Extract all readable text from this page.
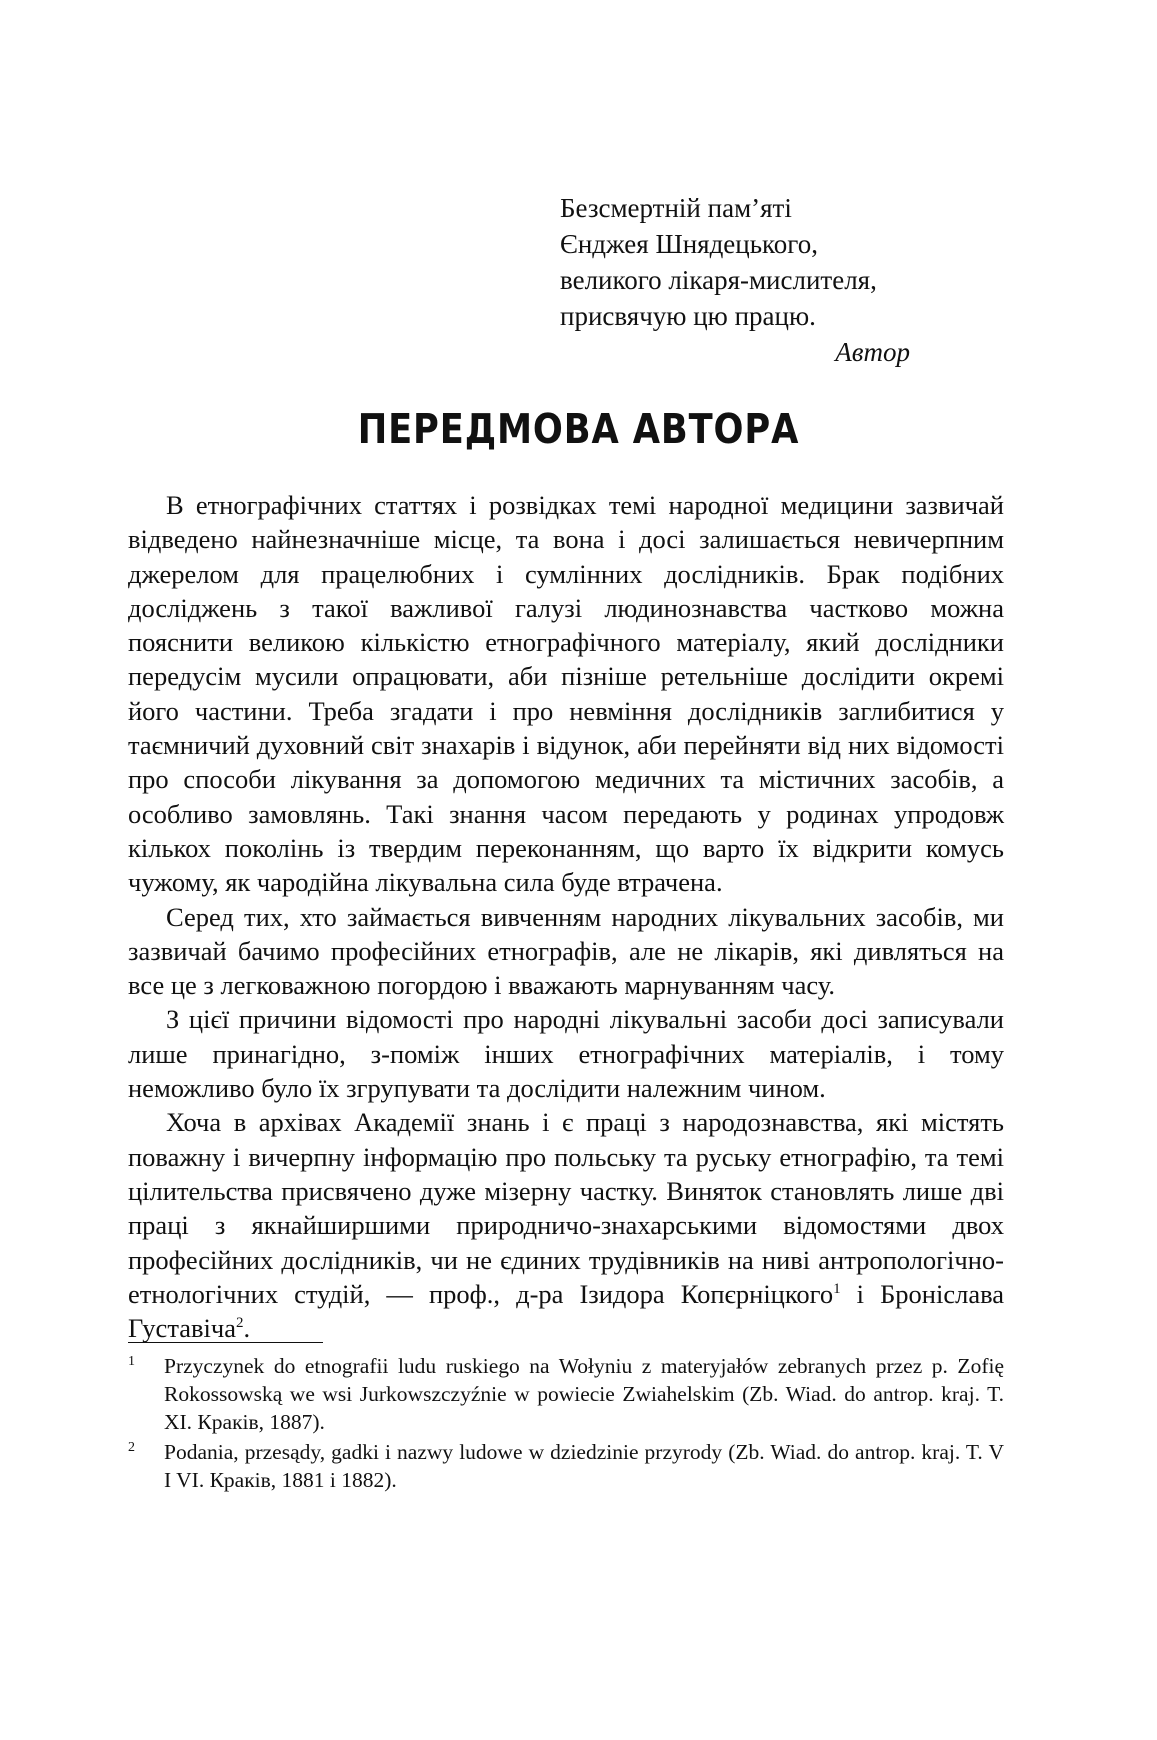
Безсмертній пам’яті
Єнджея Шнядецького,
великого лікаря-мислителя,
присвячую цю працю.
Автор
ПЕРЕДМОВА АВТОРА

В етнографічних статтях і розвідках темі народної медицини зазвичай відведено найнезначніше місце, та вона і досі залишається невичерпним джерелом для працелюбних і сумлінних дослідників. Брак подібних досліджень з такої важливої галузі людинознавства частково можна пояснити великою кількістю етнографічного матеріалу, який дослідники передусім мусили опрацювати, аби пізніше ретельніше дослідити окремі його частини. Треба згадати і про невміння дослідників заглибитися у таємничий духовний світ знахарів і відунок, аби перейняти від них відомості про способи лікування за допомогою медичних та містичних засобів, а особливо замовлянь. Такі знання часом передають у родинах упродовж кількох поколінь із твердим переконанням, що варто їх відкрити комусь чужому, як чародійна лікувальна сила буде втрачена.

Серед тих, хто займається вивченням народних лікувальних засобів, ми зазвичай бачимо професійних етнографів, але не лікарів, які дивляться на все це з легковажною погордою і вважають марнуванням часу.

З цієї причини відомості про народні лікувальні засоби досі записували лише принагідно, з-поміж інших етнографічних матеріалів, і тому неможливо було їх згрупувати та дослідити належним чином.

Хоча в архівах Академії знань і є праці з народознавства, які містять поважну і вичерпну інформацію про польську та руську етнографію, та темі цілительства присвячено дуже мізерну частку. Виняток становлять лише дві праці з якнайширшими природничо-знахарськими відомостями двох професійних дослідників, чи не єдиних трудівників на ниві антропологічно-етнологічних студій, — проф., д-ра Ізидора Копєрніцкого$^1$ і Броніслава Густавіча$^2$.

1 Przyczynek do etnografii ludu ruskiego na Wołyniu z materyjałów zebranych przez p. Zofię Rokossowską we wsi Jurkowszczyźnie w powiecie Zwiahelskim (Zb. Wiad. do antrop. kraj. T. XI. Краків, 1887).
2 Podania, przesądy, gadki i nazwy ludowe w dziedzinie przyrody (Zb. Wiad. do antrop. kraj. T. V I VI. Краків, 1881 і 1882).
